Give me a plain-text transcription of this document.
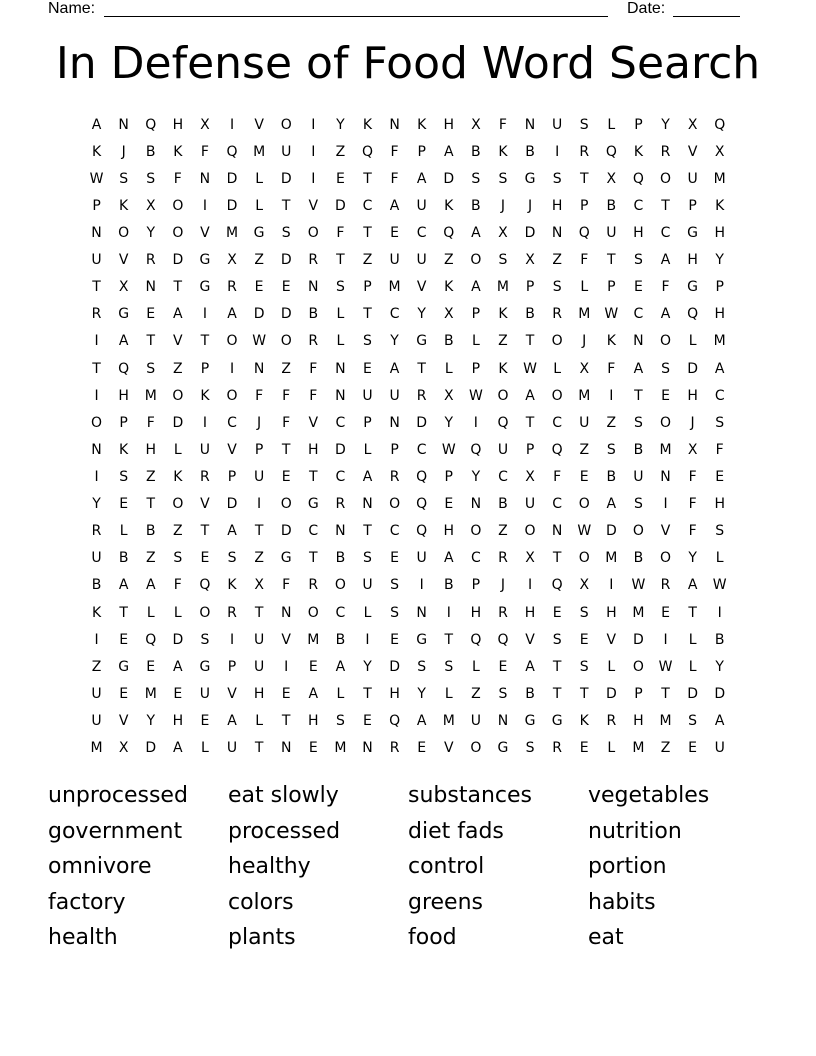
Name:	Date:
In Defense of Food Word Search
A	N	Q	H	X	I	V	O	I	Y	K	N	K	H	X	F	N	U	S	L	P	Y	X	Q
K	J	B	K	F	Q	M	U	I	Z	Q	F	P	A	B	K	B	I	R	Q	K	R	V	X
W	S	S	F	N	D	L	D	I	E	T	F	A	D	S	S	G	S	T	X	Q	O	U	M
P	K	X	O	I	D	L	T	V	D	C	A	U	K	B	J	J	H	P	B	C	T	P	K
N	O	Y	O	V	M	G	S	O	F	T	E	C	Q	A	X	D	N	Q	U	H	C	G	H
U	V	R	D	G	X	Z	D	R	T	Z	U	U	Z	O	S	X	Z	F	T	S	A	H	Y
T	X	N	T	G	R	E	E	N	S	P	M	V	K	A	M	P	S	L	P	E	F	G	P
R	G	E	A	I	A	D	D	B	L	T	C	Y	X	P	K	B	R	M	W	C	A	Q	H
I	A	T	V	T	O	W	O	R	L	S	Y	G	B	L	Z	T	O	J	K	N	O	L	M
T	Q	S	Z	P	I	N	Z	F	N	E	A	T	L	P	K	W	L	X	F	A	S	D	A
I	H	M	O	K	O	F	F	F	N	U	U	R	X	W	O	A	O	M	I	T	E	H	C
O	P	F	D	I	C	J	F	V	C	P	N	D	Y	I	Q	T	C	U	Z	S	O	J	S
N	K	H	L	U	V	P	T	H	D	L	P	C	W	Q	U	P	Q	Z	S	B	M	X	F
I	S	Z	K	R	P	U	E	T	C	A	R	Q	P	Y	C	X	F	E	B	U	N	F	E
Y	E	T	O	V	D	I	O	G	R	N	O	Q	E	N	B	U	C	O	A	S	I	F	H
R	L	B	Z	T	A	T	D	C	N	T	C	Q	H	O	Z	O	N	W	D	O	V	F	S
U	B	Z	S	E	S	Z	G	T	B	S	E	U	A	C	R	X	T	O	M	B	O	Y	L
B	A	A	F	Q	K	X	F	R	O	U	S	I	B	P	J	I	Q	X	I	W	R	A	W
K	T	L	L	O	R	T	N	O	C	L	S	N	I	H	R	H	E	S	H	M	E	T	I
I	E	Q	D	S	I	U	V	M	B	I	E	G	T	Q	Q	V	S	E	V	D	I	L	B
Z	G	E	A	G	P	U	I	E	A	Y	D	S	S	L	E	A	T	S	L	O	W	L	Y
U	E	M	E	U	V	H	E	A	L	T	H	Y	L	Z	S	B	T	T	D	P	T	D	D
U	V	Y	H	E	A	L	T	H	S	E	Q	A	M	U	N	G	G	K	R	H	M	S	A
M	X	D	A	L	U	T	N	E	M	N	R	E	V	O	G	S	R	E	L	M	Z	E	U
unprocessed	eat slowly	substances	vegetables
government	processed	diet fads	nutrition
omnivore	healthy	control	portion
factory	colors	greens	habits
health	plants	food	eat
